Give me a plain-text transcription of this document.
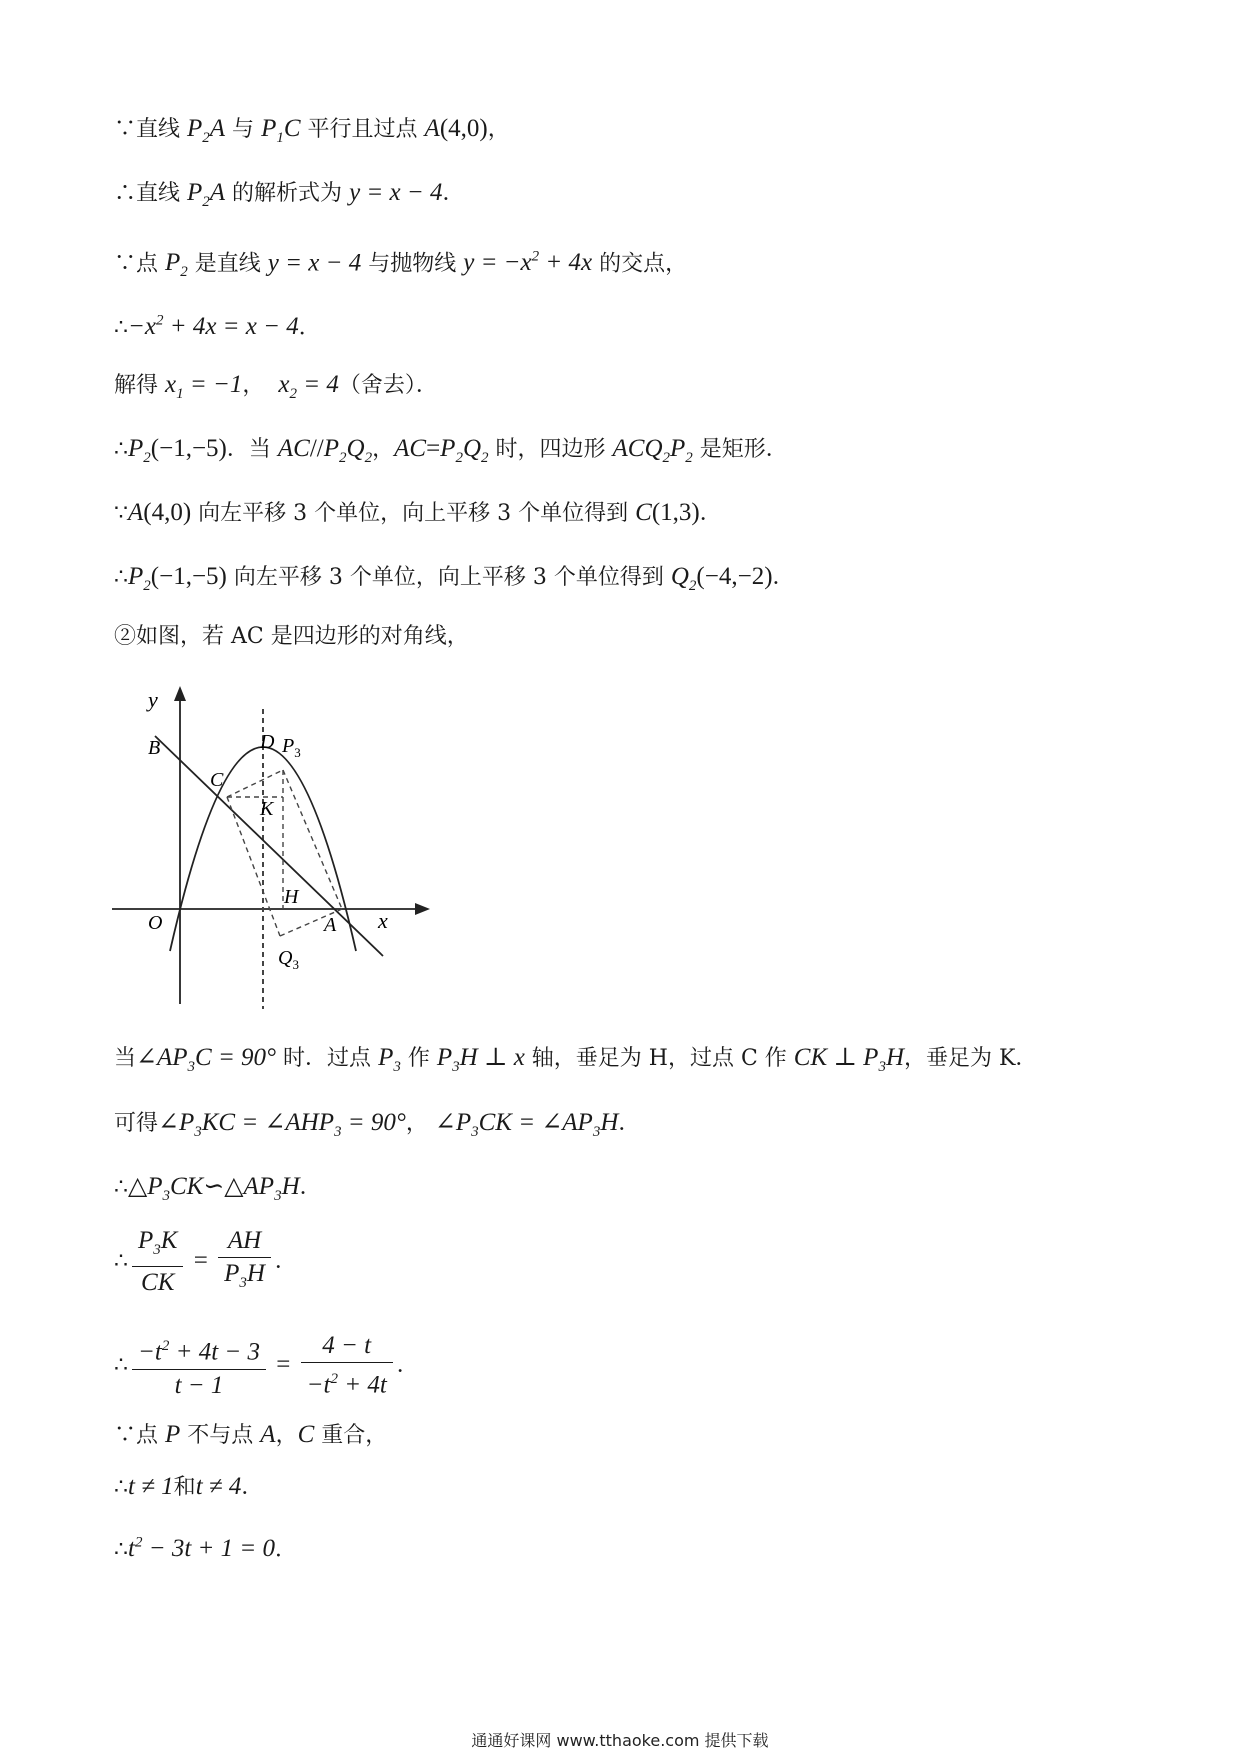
∵直线 $P_2A$ 与 $P_1C$ 平行且过点 A(4,0)，
∴直线 $P_2A$ 的解析式为 y = x − 4．
∵点 $P_2$ 是直线 y = x − 4 与抛物线 $y = -x^2 + 4x$ 的交点，
$\therefore-x^2 + 4x = x - 4$．
解得 $x_1 = -1$， $x_2 = 4$（舍去）．
$\therefore P_2(-1,-5)$．当 $AC//P_2Q_2$，$AC=P_2Q_2$ 时，四边形 $ACQ_2P_2$ 是矩形．
∵A(4,0) 向左平移 3 个单位，向上平移 3 个单位得到 C(1,3)．
$\therefore P_2(-1,-5)$ 向左平移 3 个单位，向上平移 3 个单位得到 $Q_2(-4,-2)$．
②如图，若 AC 是四边形的对角线，
y
x
O
B
C
D $P_3$
K
H
A
$Q_3$
当$\angle AP_3C = 90^\circ$ 时．过点 $P_3$ 作 $P_3H$ ⊥ x 轴，垂足为 H，过点 C 作 CK ⊥ $P_3H$，垂足为 K．
可得$\angle P_3KC$ = $\angle AHP_3 = 90^\circ$， $\angle P_3CK$ = $\angle AP_3H$．
$\therefore\triangle P_3CK∽\triangle AP_3H$．
∴ $\frac{P_3K}{CK} = \frac{AH}{P_3H}$ ．
∴ $\frac{-t^2 + 4t - 3}{t - 1} = \frac{4 - t}{-t^2 + 4t}$ ．
∵点 P 不与点 A，C 重合，
∴t ≠ 1和t ≠ 4．
$\therefore t^2 - 3t + 1 = 0$．
通通好课网 www.tthaoke.com 提供下载
